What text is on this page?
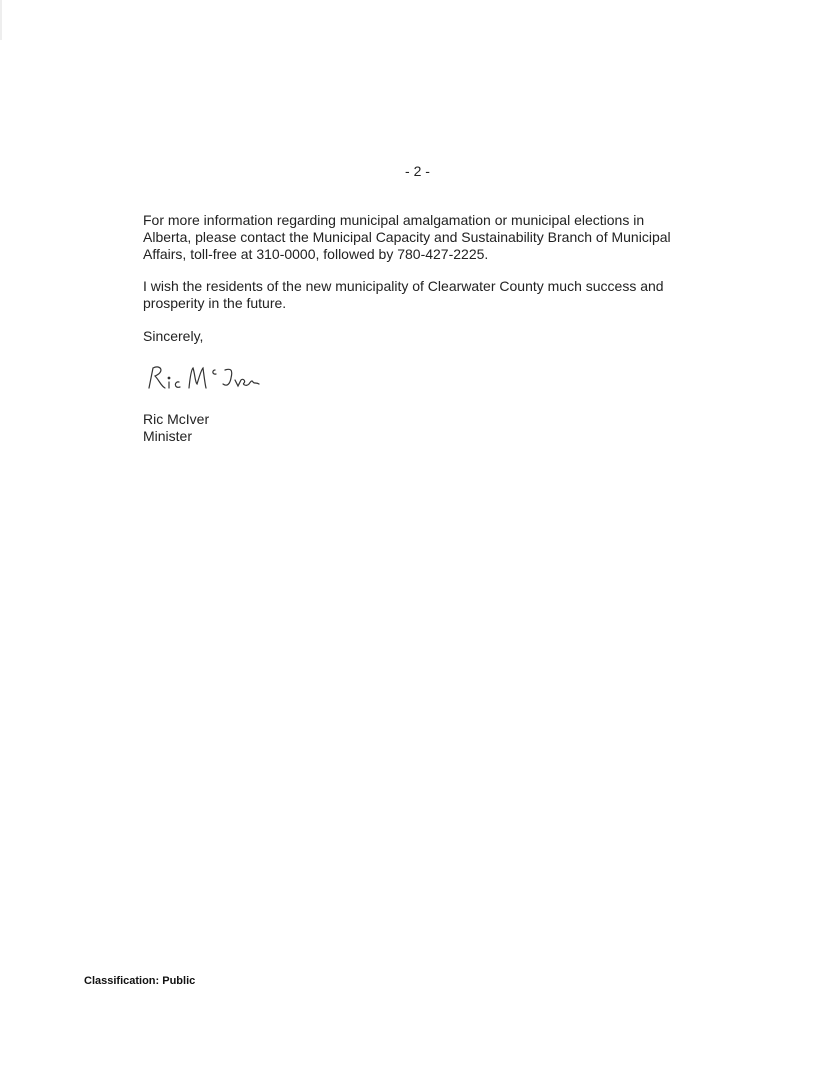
- 2 -

For more information regarding municipal amalgamation or municipal elections in Alberta, please contact the Municipal Capacity and Sustainability Branch of Municipal Affairs, toll-free at 310-0000, followed by 780-427-2225.

I wish the residents of the new municipality of Clearwater County much success and prosperity in the future.

Sincerely,
Ric McIver
Minister
Classification: Public
